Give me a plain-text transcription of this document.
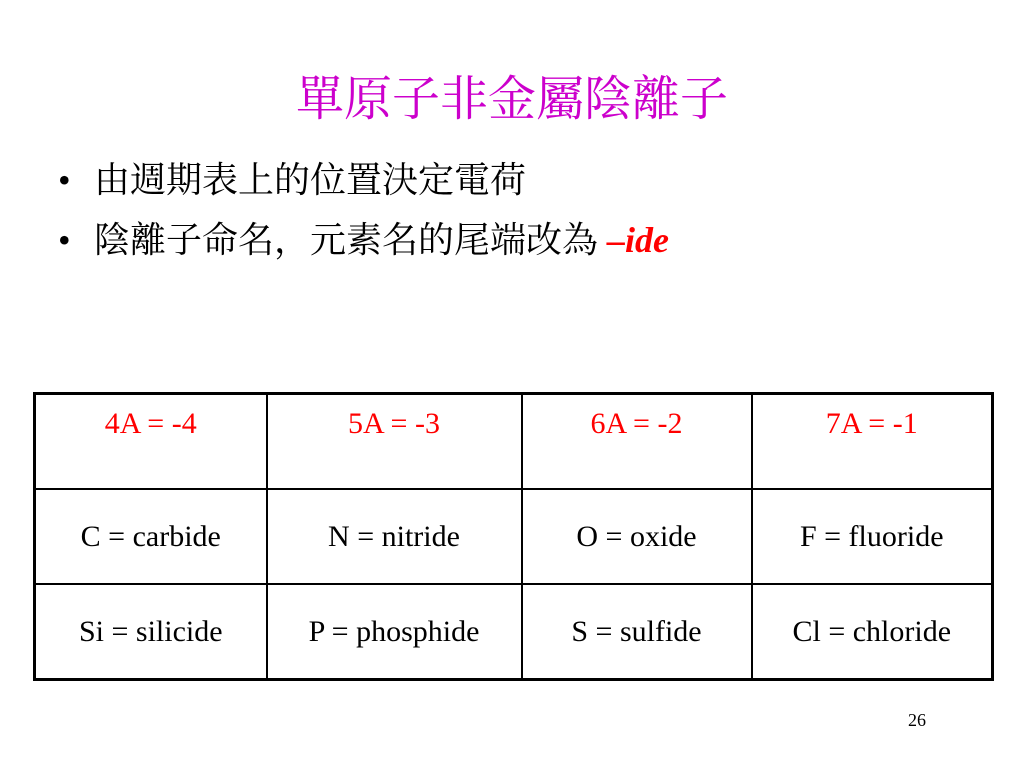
單原子非金屬陰離子
• 由週期表上的位置決定電荷
• 陰離子命名，元素名的尾端改為 –ide
4A = -4	5A = -3	6A = -2	7A = -1
C = carbide	N = nitride	O = oxide	F = fluoride
Si = silicide	P = phosphide	S = sulfide	Cl = chloride
26
